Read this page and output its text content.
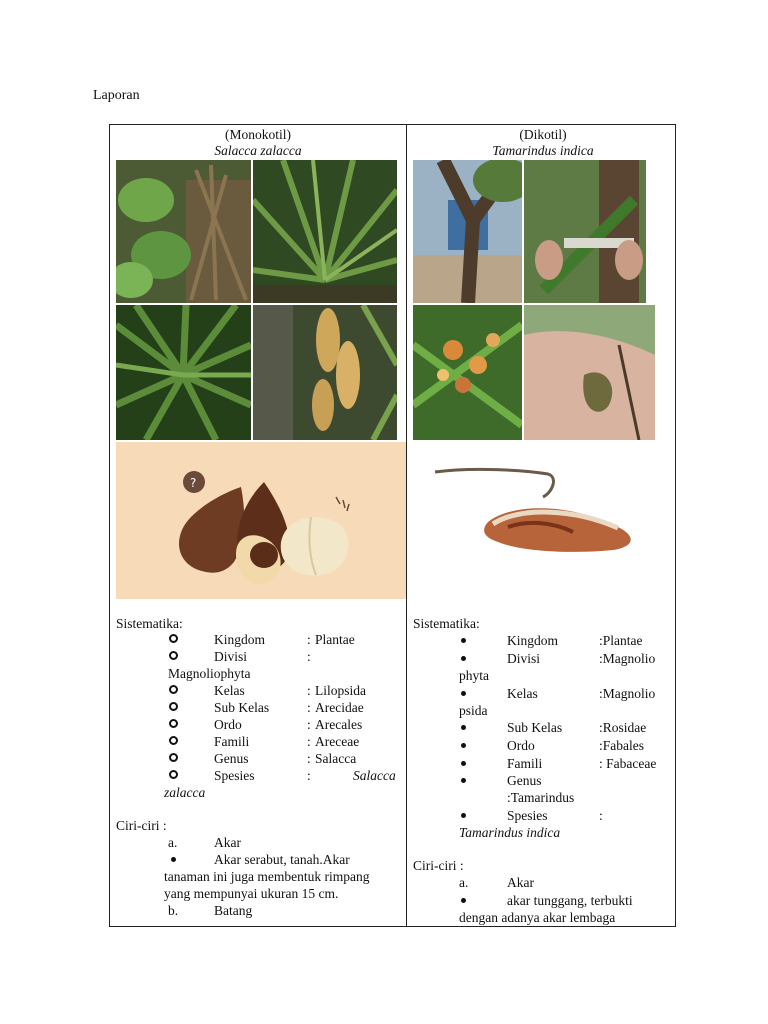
Laporan
(Monokotil)
Salacca zalacca
?
Sistematika:
Kingdom	: Plantae
Divisi	:
Magnoliophyta
Kelas	: Lilopsida
Sub Kelas	: Arecidae
Ordo	: Arecales
Famili	: Areceae
Genus	: Salacca
Spesies	:	Salacca
zalacca
Ciri-ciri :
a.	Akar
Akar serabut, tanah.Akar
tanaman ini juga membentuk rimpang
yang mempunyai ukuran 15 cm.
b.	Batang
(Dikotil)
Tamarindus indica
Sistematika:
Kingdom	:Plantae
Divisi	:Magnolio
phyta
Kelas	:Magnolio
psida
Sub Kelas	:Rosidae
Ordo	:Fabales
Famili	: Fabaceae
Genus
:Tamarindus
Spesies	:
Tamarindus indica
Ciri-ciri :
a.	Akar
akar tunggang, terbukti
dengan adanya akar lembaga
